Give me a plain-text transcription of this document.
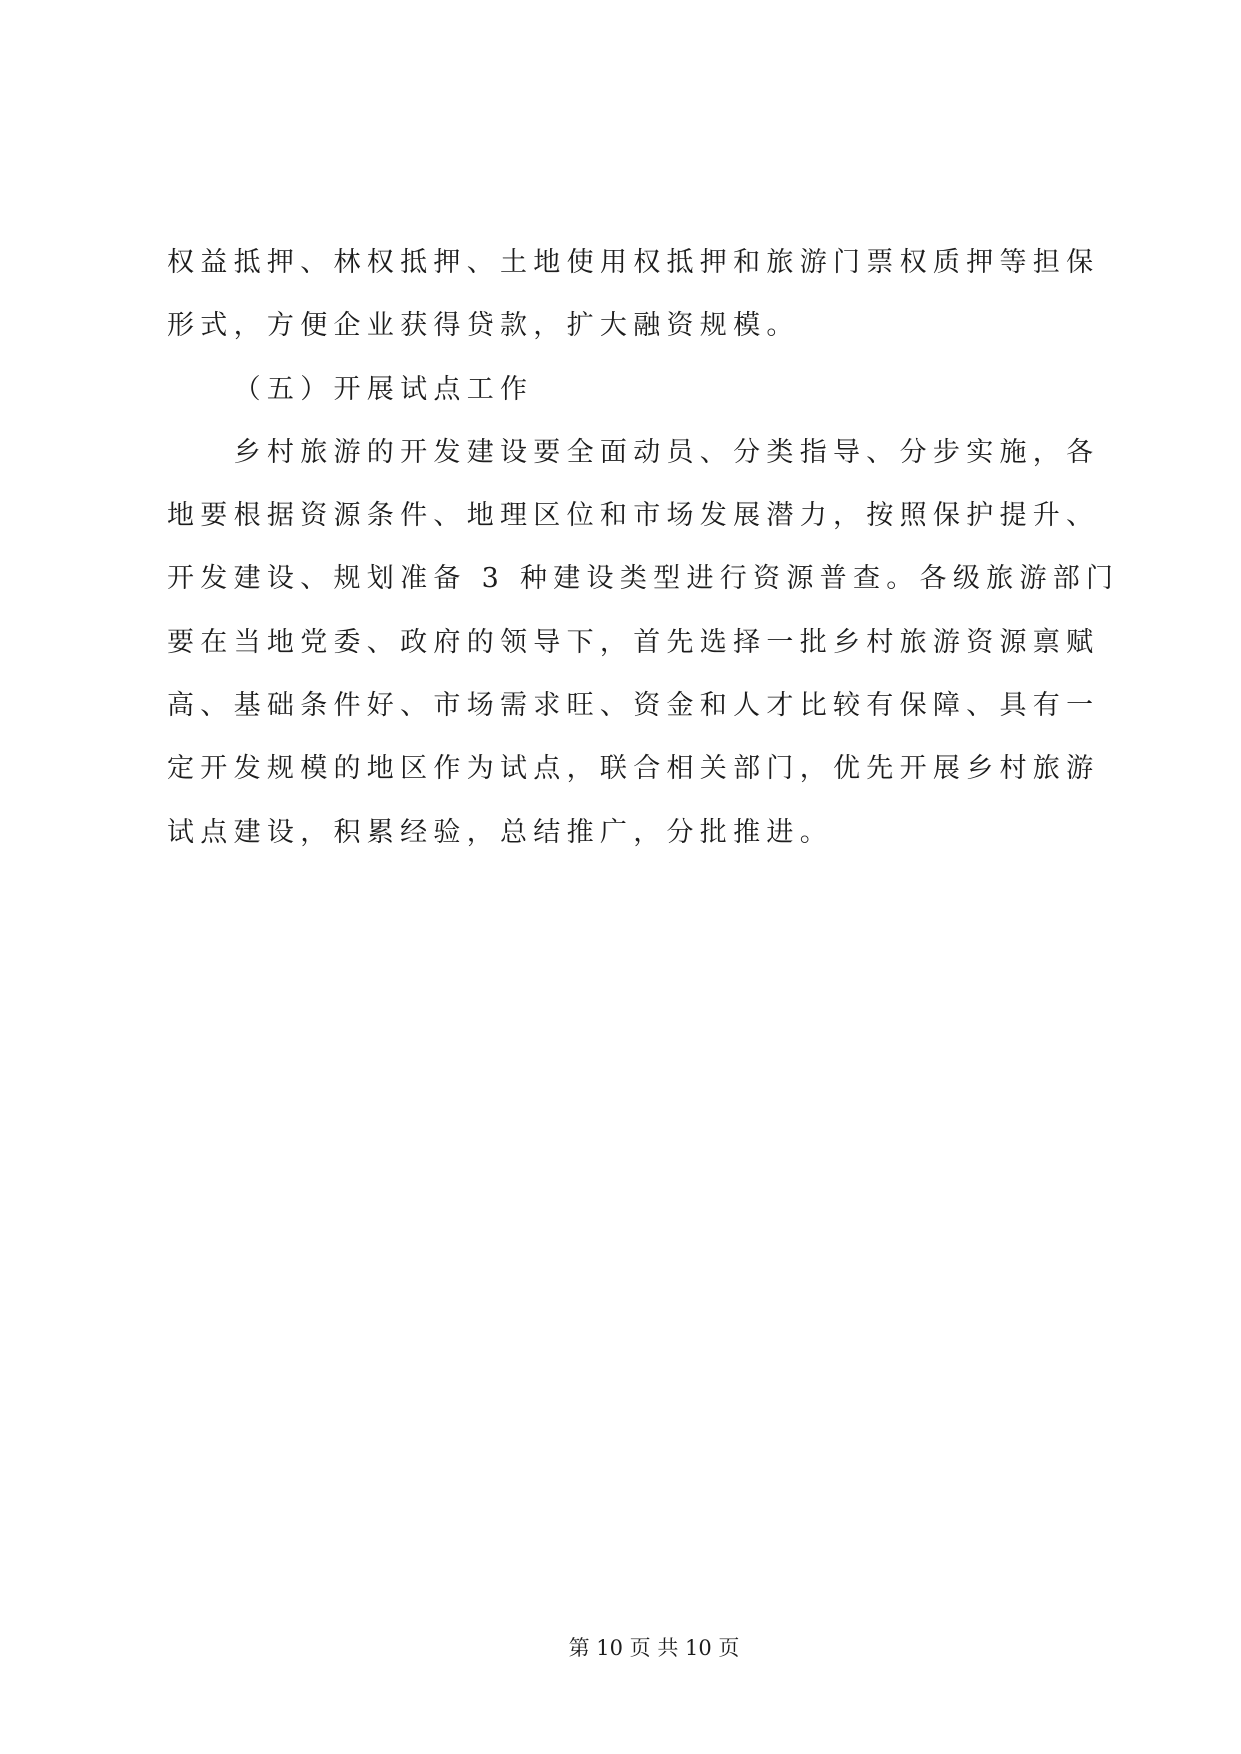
权益抵押、林权抵押、土地使用权抵押和旅游门票权质押等担保
形式，方便企业获得贷款，扩大融资规模。
（五）开展试点工作
乡村旅游的开发建设要全面动员、分类指导、分步实施，各
地要根据资源条件、地理区位和市场发展潜力，按照保护提升、
开发建设、规划准备 3 种建设类型进行资源普查。各级旅游部门
要在当地党委、政府的领导下，首先选择一批乡村旅游资源禀赋
高、基础条件好、市场需求旺、资金和人才比较有保障、具有一
定开发规模的地区作为试点，联合相关部门，优先开展乡村旅游
试点建设，积累经验，总结推广，分批推进。
第 10 页 共 10 页
